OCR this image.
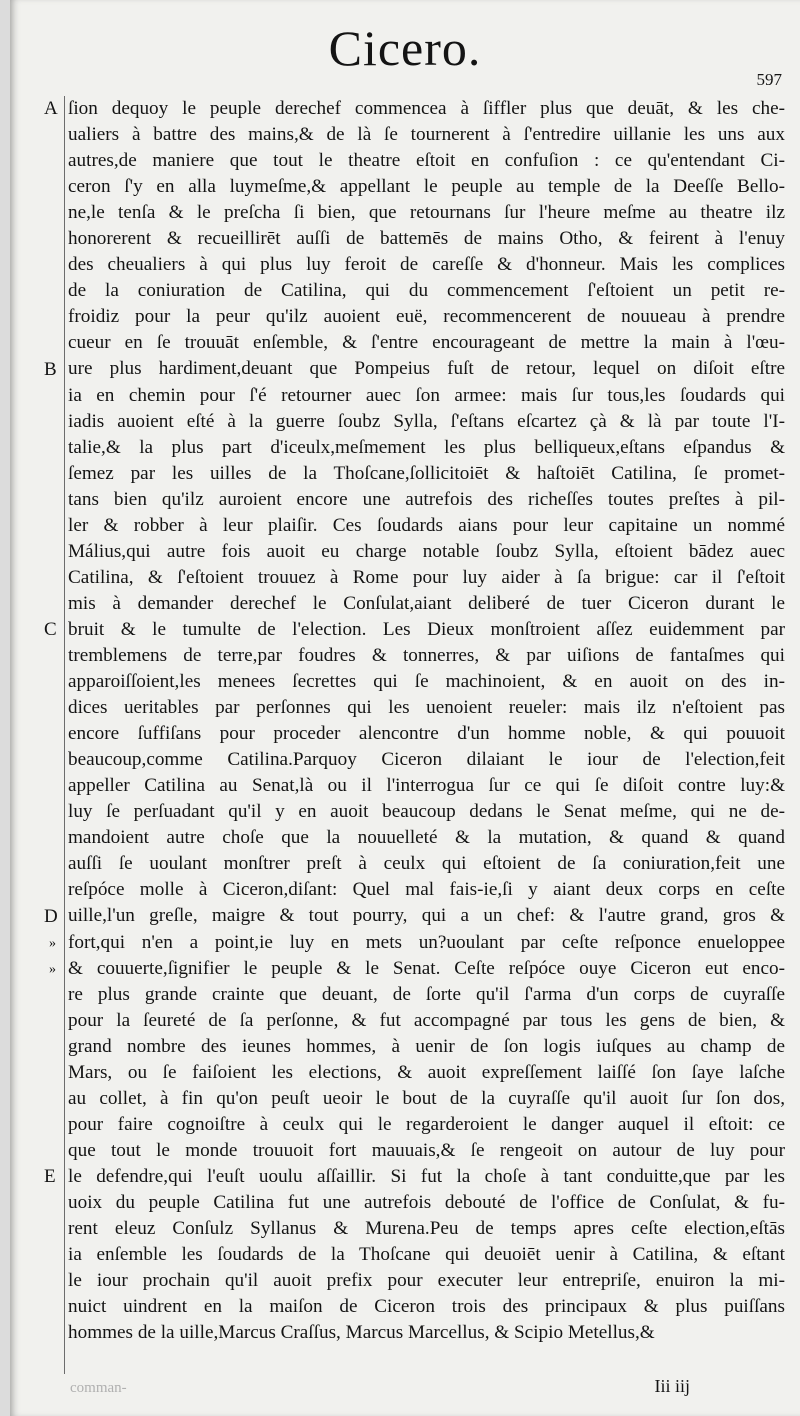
Cicero.
597
A
B
C
D
E
»
»
ſion dequoy le peuple derechef commencea à ſiffler plus que deuāt, & les che-
ualiers à battre des mains,& de là ſe tournerent à ſ'entredire uillanie les uns aux
autres,de maniere que tout le theatre eſtoit en confuſion : ce qu'entendant Ci-
ceron ſ'y en alla luymeſme,& appellant le peuple au temple de la Deeſſe Bello-
ne,le tenſa & le preſcha ſi bien, que retournans ſur l'heure meſme au theatre ilz
honorerent & recueillirēt auſſi de battemēs de mains Otho, & feirent à l'enuy
des cheualiers à qui plus luy feroit de careſſe & d'honneur. Mais les complices
de la coniuration de Catilina, qui du commencement ſ'eſtoient un petit re-
froidiz pour la peur qu'ilz auoient euë, recommencerent de nouueau à prendre
cueur en ſe trouuāt enſemble, & ſ'entre encourageant de mettre la main à l'œu-
ure plus hardiment,deuant que Pompeius fuſt de retour, lequel on diſoit eſtre
ia en chemin pour ſ'é retourner auec ſon armee: mais ſur tous,les ſoudards qui
iadis auoient eſté à la guerre ſoubz Sylla, ſ'eſtans eſcartez çà & là par toute l'I-
talie,& la plus part d'iceulx,meſmement les plus belliqueux,eſtans eſpandus &
ſemez par les uilles de la Thoſcane,ſollicitoiēt & haſtoiēt Catilina, ſe promet-
tans bien qu'ilz auroient encore une autrefois des richeſſes toutes preſtes à pil-
ler & robber à leur plaiſir. Ces ſoudards aians pour leur capitaine un nommé
Málius,qui autre fois auoit eu charge notable ſoubz Sylla, eſtoient bādez auec
Catilina, & ſ'eſtoient trouuez à Rome pour luy aider à ſa brigue: car il ſ'eſtoit
mis à demander derechef le Conſulat,aiant deliberé de tuer Ciceron durant le
bruit & le tumulte de l'election. Les Dieux monſtroient aſſez euidemment par
tremblemens de terre,par foudres & tonnerres, & par uiſions de fantaſmes qui
apparoiſſoient,les menees ſecrettes qui ſe machinoient, & en auoit on des in-
dices ueritables par perſonnes qui les uenoient reueler: mais ilz n'eſtoient pas
encore ſuffiſans pour proceder alencontre d'un homme noble, & qui pouuoit
beaucoup,comme Catilina.Parquoy Ciceron dilaiant le iour de l'election,feit
appeller Catilina au Senat,là ou il l'interrogua ſur ce qui ſe diſoit contre luy:&
luy ſe perſuadant qu'il y en auoit beaucoup dedans le Senat meſme, qui ne de-
mandoient autre choſe que la nouuelleté & la mutation, & quand & quand
auſſi ſe uoulant monſtrer preſt à ceulx qui eſtoient de ſa coniuration,feit une
reſpóce molle à Ciceron,diſant: Quel mal fais-ie,ſi y aiant deux corps en ceſte
uille,l'un greſle, maigre & tout pourry, qui a un chef: & l'autre grand, gros &
fort,qui n'en a point,ie luy en mets un?uoulant par ceſte reſponce enueloppee
& couuerte,ſignifier le peuple & le Senat. Ceſte reſpóce ouye Ciceron eut enco-
re plus grande crainte que deuant, de ſorte qu'il ſ'arma d'un corps de cuyraſſe
pour la ſeureté de ſa perſonne, & fut accompagné par tous les gens de bien, &
grand nombre des ieunes hommes, à uenir de ſon logis iuſques au champ de
Mars, ou ſe faiſoient les elections, & auoit expreſſement laiſſé ſon ſaye laſche
au collet, à fin qu'on peuſt ueoir le bout de la cuyraſſe qu'il auoit ſur ſon dos,
pour faire cognoiſtre à ceulx qui le regarderoient le danger auquel il eſtoit: ce
que tout le monde trouuoit fort mauuais,& ſe rengeoit on autour de luy pour
le defendre,qui l'euſt uoulu aſſaillir. Si fut la choſe à tant conduitte,que par les
uoix du peuple Catilina fut une autrefois debouté de l'office de Conſulat, & fu-
rent eleuz Conſulz Syllanus & Murena.Peu de temps apres ceſte election,eſtās
ia enſemble les ſoudards de la Thoſcane qui deuoiēt uenir à Catilina, & eſtant
le iour prochain qu'il auoit prefix pour executer leur entrepriſe, enuiron la mi-
nuict uindrent en la maiſon de Ciceron trois des principaux & plus puiſſans
hommes de la uille,Marcus Craſſus, Marcus Marcellus, & Scipio Metellus,&
comman-	Iii iij
